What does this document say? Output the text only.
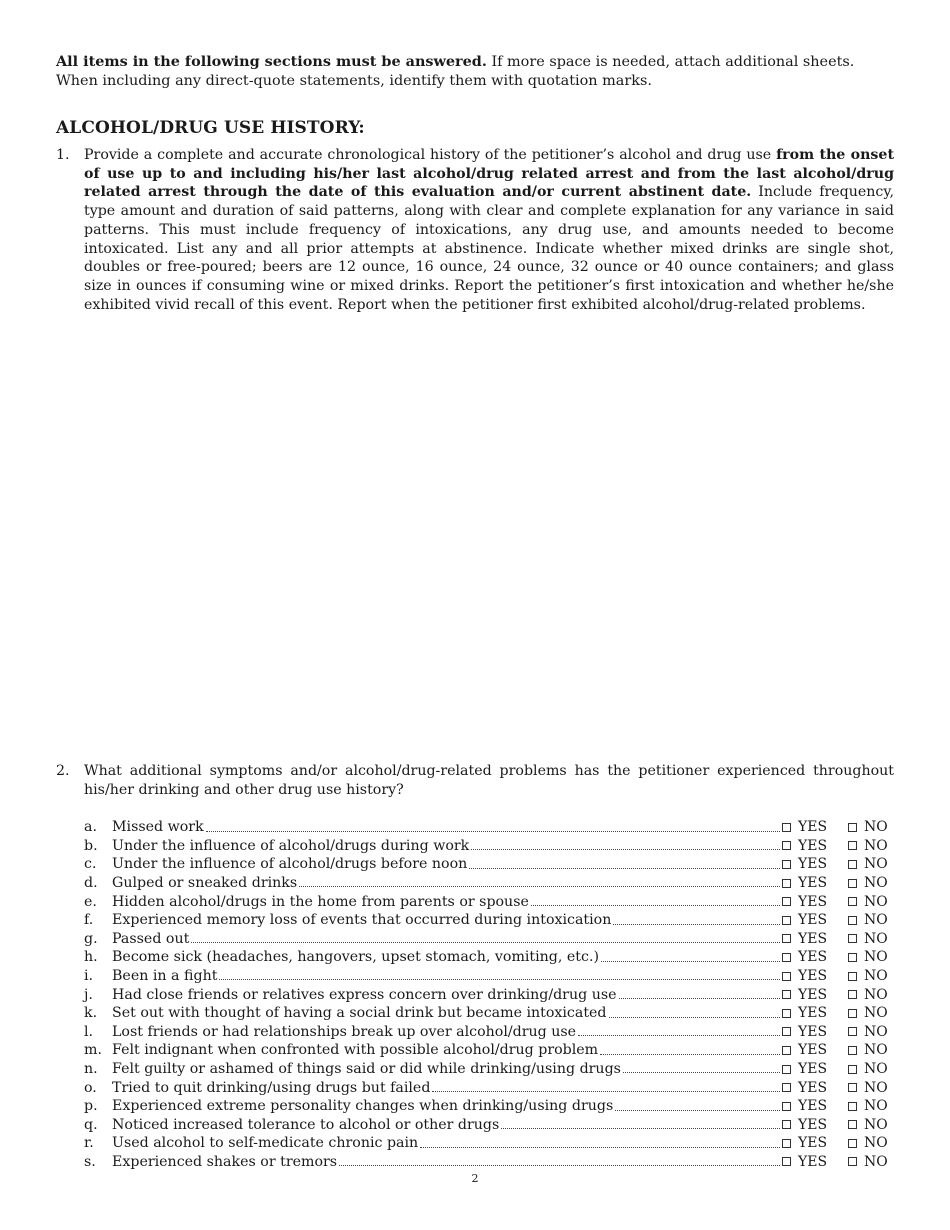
All items in the following sections must be answered. If more space is needed, attach additional sheets. When including any direct-quote statements, identify them with quotation marks.

ALCOHOL/DRUG USE HISTORY:
1.	Provide a complete and accurate chronological history of the petitioner’s alcohol and drug use from the onset of use up to and including his/her last alcohol/drug related arrest and from the last alcohol/drug related arrest through the date of this evaluation and/or current abstinent date. Include frequency, type amount and duration of said patterns, along with clear and complete explanation for any variance in said patterns. This must include frequency of intoxications, any drug use, and amounts needed to become intoxicated. List any and all prior attempts at abstinence. Indicate whether mixed drinks are single shot, doubles or free-poured; beers are 12 ounce, 16 ounce, 24 ounce, 32 ounce or 40 ounce containers; and glass size in ounces if consuming wine or mixed drinks. Report the petitioner’s first intoxication and whether he/she exhibited vivid recall of this event. Report when the petitioner first exhibited alcohol/drug-related problems.
2.	What additional symptoms and/or alcohol/drug-related problems has the petitioner experienced throughout his/her drinking and other drug use history?
a.	Missed work	YES	NO
b.	Under the influence of alcohol/drugs during work	YES	NO
c.	Under the influence of alcohol/drugs before noon	YES	NO
d.	Gulped or sneaked drinks	YES	NO
e.	Hidden alcohol/drugs in the home from parents or spouse	YES	NO
f.	Experienced memory loss of events that occurred during intoxication	YES	NO
g.	Passed out	YES	NO
h.	Become sick (headaches, hangovers, upset stomach, vomiting, etc.)	YES	NO
i.	Been in a fight	YES	NO
j.	Had close friends or relatives express concern over drinking/drug use	YES	NO
k.	Set out with thought of having a social drink but became intoxicated	YES	NO
l.	Lost friends or had relationships break up over alcohol/drug use	YES	NO
m. Felt indignant when confronted with possible alcohol/drug problem	YES	NO
n.	Felt guilty or ashamed of things said or did while drinking/using drugs	YES	NO
o.	Tried to quit drinking/using drugs but failed	YES	NO
p.	Experienced extreme personality changes when drinking/using drugs	YES	NO
q.	Noticed increased tolerance to alcohol or other drugs	YES	NO
r.	Used alcohol to self-medicate chronic pain	YES	NO
s.	Experienced shakes or tremors	YES	NO
2
